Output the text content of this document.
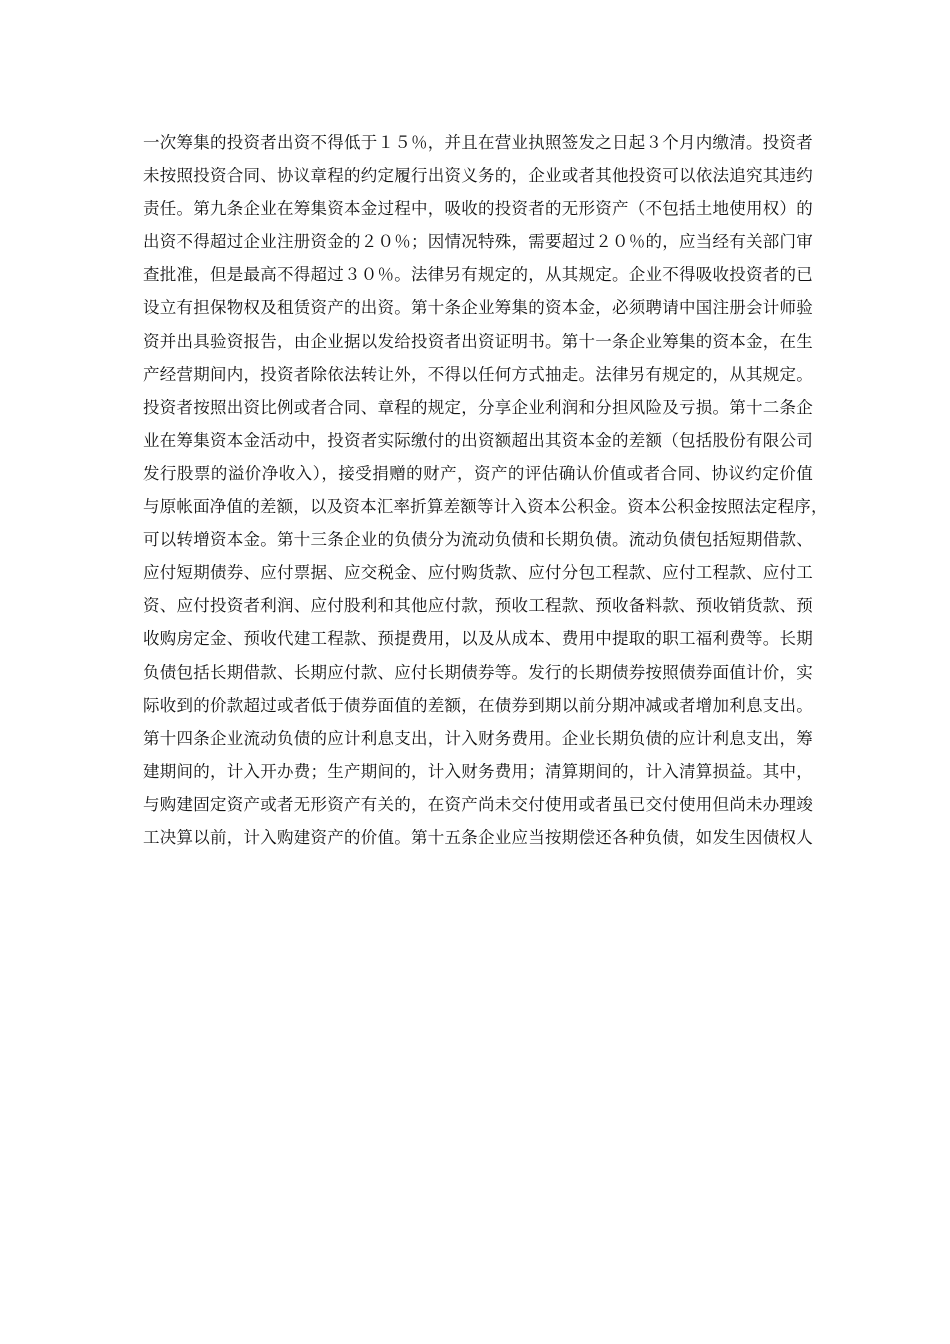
一次筹集的投资者出资不得低于１５％，并且在营业执照签发之日起３个月内缴清。投资者
未按照投资合同、协议章程的约定履行出资义务的，企业或者其他投资可以依法追究其违约
责任。第九条企业在筹集资本金过程中，吸收的投资者的无形资产（不包括土地使用权）的
出资不得超过企业注册资金的２０％；因情况特殊，需要超过２０％的，应当经有关部门审
查批准，但是最高不得超过３０％。法律另有规定的，从其规定。企业不得吸收投资者的已
设立有担保物权及租赁资产的出资。第十条企业筹集的资本金，必须聘请中国注册会计师验
资并出具验资报告，由企业据以发给投资者出资证明书。第十一条企业筹集的资本金，在生
产经营期间内，投资者除依法转让外，不得以任何方式抽走。法律另有规定的，从其规定。
投资者按照出资比例或者合同、章程的规定，分享企业利润和分担风险及亏损。第十二条企
业在筹集资本金活动中，投资者实际缴付的出资额超出其资本金的差额（包括股份有限公司
发行股票的溢价净收入），接受捐赠的财产，资产的评估确认价值或者合同、协议约定价值
与原帐面净值的差额，以及资本汇率折算差额等计入资本公积金。资本公积金按照法定程序，
可以转增资本金。第十三条企业的负债分为流动负债和长期负债。流动负债包括短期借款、
应付短期债券、应付票据、应交税金、应付购货款、应付分包工程款、应付工程款、应付工
资、应付投资者利润、应付股利和其他应付款，预收工程款、预收备料款、预收销货款、预
收购房定金、预收代建工程款、预提费用，以及从成本、费用中提取的职工福利费等。长期
负债包括长期借款、长期应付款、应付长期债券等。发行的长期债券按照债券面值计价，实
际收到的价款超过或者低于债券面值的差额，在债券到期以前分期冲减或者增加利息支出。
第十四条企业流动负债的应计利息支出，计入财务费用。企业长期负债的应计利息支出，筹
建期间的，计入开办费；生产期间的，计入财务费用；清算期间的，计入清算损益。其中，
与购建固定资产或者无形资产有关的，在资产尚未交付使用或者虽已交付使用但尚未办理竣
工决算以前，计入购建资产的价值。第十五条企业应当按期偿还各种负债，如发生因债权人
